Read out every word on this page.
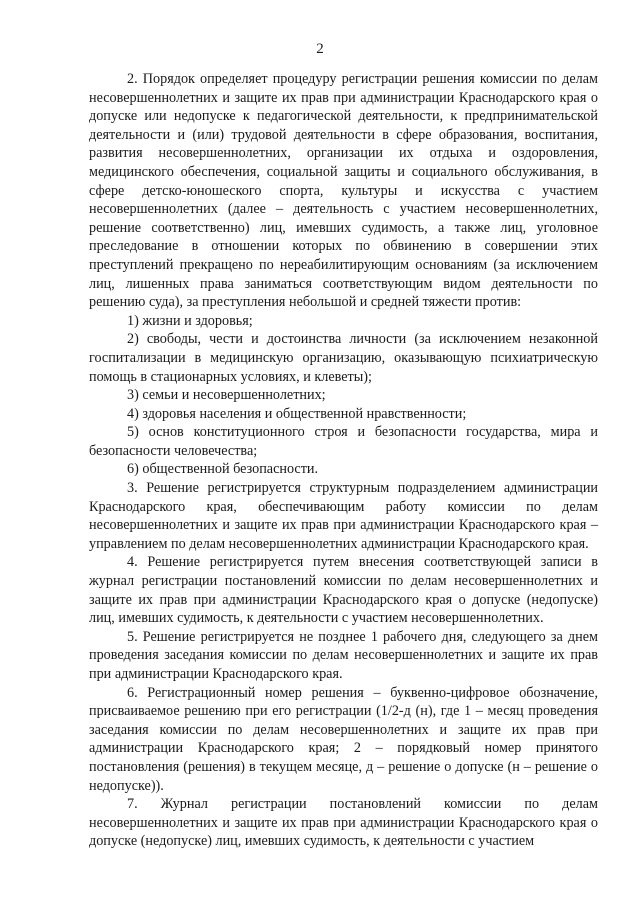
2

2. Порядок определяет процедуру регистрации решения комиссии по делам несовершеннолетних и защите их прав при администрации Краснодарского края о допуске или недопуске к педагогической деятельности, к предпринимательской деятельности и (или) трудовой деятельности в сфере образования, воспитания, развития несовершеннолетних, организации их отдыха и оздоровления, медицинского обеспечения, социальной защиты и социального обслуживания, в сфере детско-юношеского спорта, культуры и искусства с участием несовершеннолетних (далее – деятельность с участием несовершеннолетних, решение соответственно) лиц, имевших судимость, а также лиц, уголовное преследование в отношении которых по обвинению в совершении этих преступлений прекращено по нереабилитирующим основаниям (за исключением лиц, лишенных права заниматься соответствующим видом деятельности по решению суда), за преступления небольшой и средней тяжести против:

1) жизни и здоровья;

2) свободы, чести и достоинства личности (за исключением незаконной госпитализации в медицинскую организацию, оказывающую психиатрическую помощь в стационарных условиях, и клеветы);

3) семьи и несовершеннолетних;

4) здоровья населения и общественной нравственности;

5) основ конституционного строя и безопасности государства, мира и безопасности человечества;

6) общественной безопасности.

3. Решение регистрируется структурным подразделением администрации Краснодарского края, обеспечивающим работу комиссии по делам несовершеннолетних и защите их прав при администрации Краснодарского края – управлением по делам несовершеннолетних администрации Краснодарского края.

4. Решение регистрируется путем внесения соответствующей записи в журнал регистрации постановлений комиссии по делам несовершеннолетних и защите их прав при администрации Краснодарского края о допуске (недопуске) лиц, имевших судимость, к деятельности с участием несовершеннолетних.

5. Решение регистрируется не позднее 1 рабочего дня, следующего за днем проведения заседания комиссии по делам несовершеннолетних и защите их прав при администрации Краснодарского края.

6. Регистрационный номер решения – буквенно-цифровое обозначение, присваиваемое решению при его регистрации (1/2-д (н), где 1 – месяц проведения заседания комиссии по делам несовершеннолетних и защите их прав при администрации Краснодарского края; 2 – порядковый номер принятого постановления (решения) в текущем месяце, д – решение о допуске (н – решение о недопуске)).

7. Журнал регистрации постановлений комиссии по делам несовершеннолетних и защите их прав при администрации Краснодарского края о допуске (недопуске) лиц, имевших судимость, к деятельности с участием
